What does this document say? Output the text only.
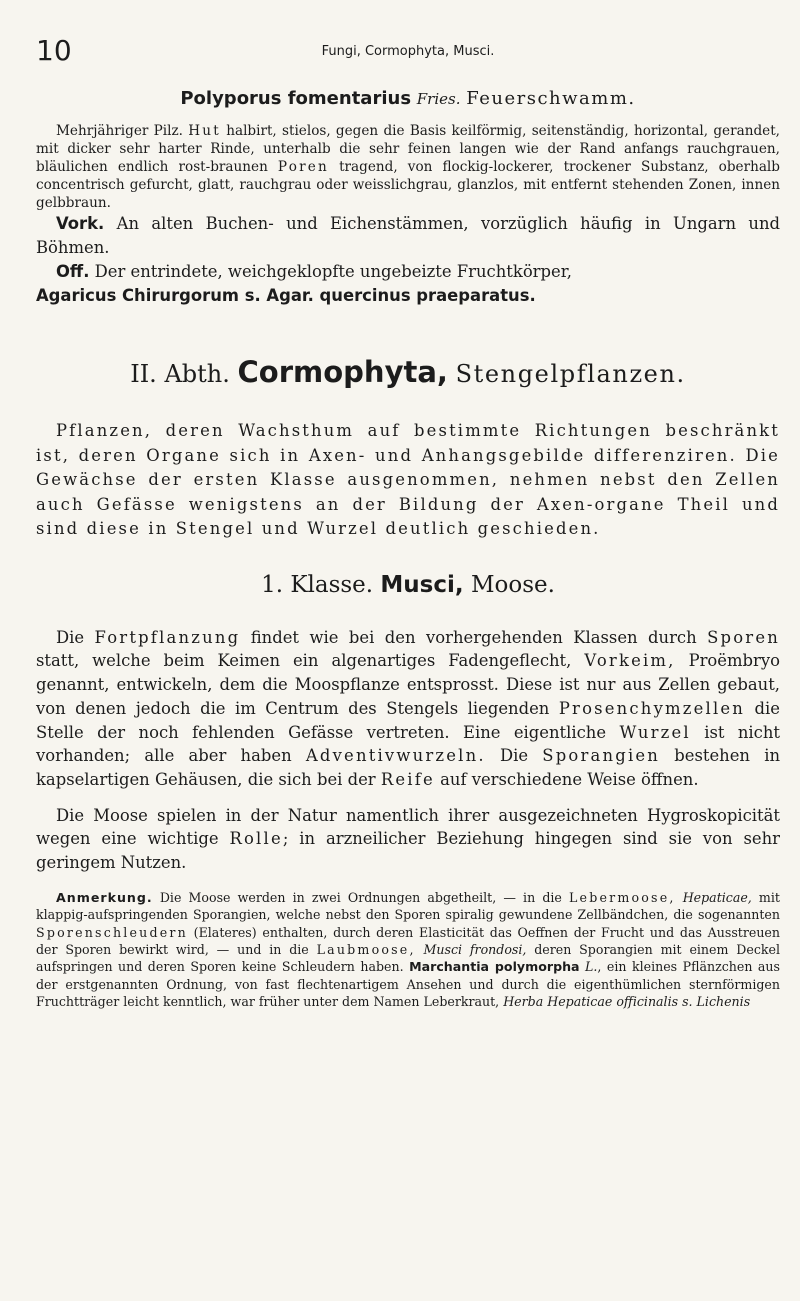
10	Fungi, Cormophyta, Musci.
Polyporus fomentarius Fries. Feuerschwamm.

Mehrjähriger Pilz. Hut halbirt, stielos, gegen die Basis keilförmig, seitenständig, horizontal, gerandet, mit dicker sehr harter Rinde, unterhalb die sehr feinen langen wie der Rand anfangs rauchgrauen, bläulichen endlich rost-braunen Poren tragend, von flockig-lockerer, trockener Substanz, oberhalb concentrisch gefurcht, glatt, rauchgrau oder weisslichgrau, glanzlos, mit entfernt stehenden Zonen, innen gelbbraun.

Vork. An alten Buchen- und Eichenstämmen, vorzüglich häufig in Ungarn und Böhmen.

Off. Der entrindete, weichgeklopfte ungebeizte Fruchtkörper,

Agaricus Chirurgorum s. Agar. quercinus praeparatus.

II. Abth. Cormophyta, Stengelpflanzen.

Pflanzen, deren Wachsthum auf bestimmte Richtungen beschränkt ist, deren Organe sich in Axen- und Anhangsgebilde differenziren. Die Gewächse der ersten Klasse ausgenommen, nehmen nebst den Zellen auch Gefässe wenigstens an der Bildung der Axen-organe Theil und sind diese in Stengel und Wurzel deutlich geschieden.

1. Klasse. Musci, Moose.

Die Fortpflanzung findet wie bei den vorhergehenden Klassen durch Sporen statt, welche beim Keimen ein algenartiges Fadengeflecht, Vorkeim, Proëmbryo genannt, entwickeln, dem die Moospflanze entsprosst. Diese ist nur aus Zellen gebaut, von denen jedoch die im Centrum des Stengels liegenden Prosenchymzellen die Stelle der noch fehlenden Gefässe vertreten. Eine eigentliche Wurzel ist nicht vorhanden; alle aber haben Adventivwurzeln. Die Sporangien bestehen in kapselartigen Gehäusen, die sich bei der Reife auf verschiedene Weise öffnen.

Die Moose spielen in der Natur namentlich ihrer ausgezeichneten Hygroskopicität wegen eine wichtige Rolle; in arzneilicher Beziehung hingegen sind sie von sehr geringem Nutzen.

Anmerkung. Die Moose werden in zwei Ordnungen abgetheilt, — in die Lebermoose, Hepaticae, mit klappig-aufspringenden Sporangien, welche nebst den Sporen spiralig gewundene Zellbändchen, die sogenannten Sporenschleudern (Elateres) enthalten, durch deren Elasticität das Oeffnen der Frucht und das Ausstreuen der Sporen bewirkt wird, — und in die Laubmoose, Musci frondosi, deren Sporangien mit einem Deckel aufspringen und deren Sporen keine Schleudern haben. Marchantia polymorpha L., ein kleines Pflänzchen aus der erstgenannten Ordnung, von fast flechtenartigem Ansehen und durch die eigenthümlichen sternförmigen Fruchtträger leicht kenntlich, war früher unter dem Namen Leberkraut, Herba Hepaticae officinalis s. Lichenis
